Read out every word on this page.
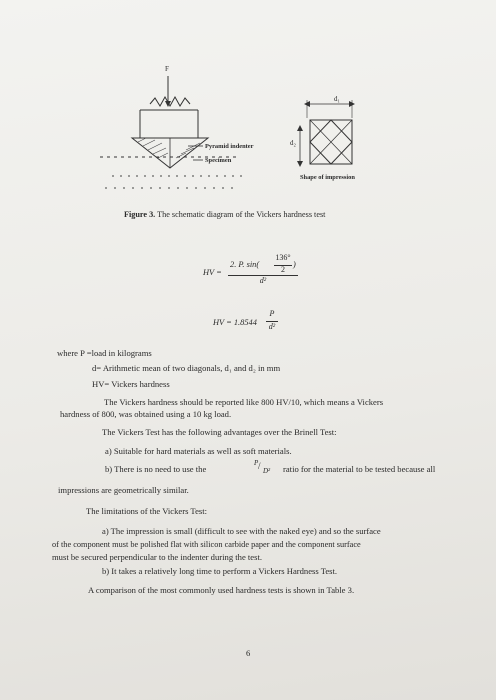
F
Pyramid indenter
Specimen
d₁
d₂
Shape of impression
Figure 3. The schematic diagram of the Vickers hardness test
HV =
2. P. sin(
136°
2
)
d²
HV = 1.8544
P
d²
where P =load in kilograms
d= Arithmetic mean of two diagonals, d₁ and d₂ in mm
HV= Vickers hardness
The Vickers hardness should be reported like 800 HV/10, which means a Vickers
hardness of 800, was obtained using a 10 kg load.
The Vickers Test has the following advantages over the Brinell Test:
a) Suitable for hard materials as well as soft materials.
b) There is no need to use the
P / D² ratio for the material to be tested because all
impressions are geometrically similar.
The limitations of the Vickers Test:
a) The impression is small (difficult to see with the naked eye) and so the surface
of the component must be polished flat with silicon carbide paper and the component surface
must be secured perpendicular to the indenter during the test.
b) It takes a relatively long time to perform a Vickers Hardness Test.
A comparison of the most commonly used hardness tests is shown in Table 3.
6
